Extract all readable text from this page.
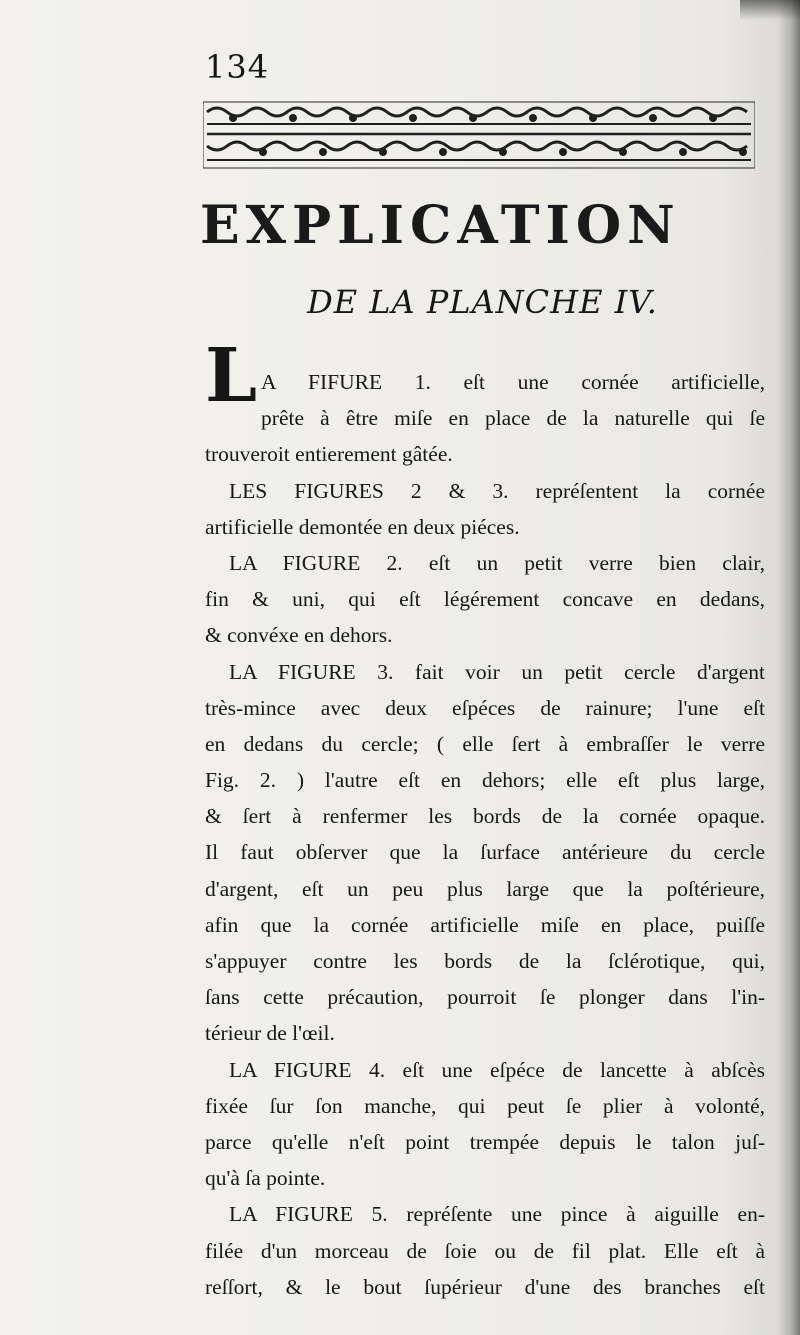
134
EXPLICATION
DE LA PLANCHE IV.
L A FIFURE 1. eſt une cornée artificielle,
prête à être miſe en place de la naturelle qui ſe
trouveroit entierement gâtée.
LES FIGURES 2 & 3. repréſentent la cornée
artificielle demontée en deux piéces.
LA FIGURE 2. eſt un petit verre bien clair,
fin & uni, qui eſt légérement concave en dedans,
& convéxe en dehors.
LA FIGURE 3. fait voir un petit cercle d'argent
très-mince avec deux eſpéces de rainure; l'une eſt
en dedans du cercle; ( elle ſert à embraſſer le verre
Fig. 2. ) l'autre eſt en dehors; elle eſt plus large,
& ſert à renfermer les bords de la cornée opaque.
Il faut obſerver que la ſurface antérieure du cercle
d'argent, eſt un peu plus large que la poſtérieure,
afin que la cornée artificielle miſe en place, puiſſe
s'appuyer contre les bords de la ſclérotique, qui,
ſans cette précaution, pourroit ſe plonger dans l'in-
térieur de l'œil.
LA FIGURE 4. eſt une eſpéce de lancette à abſcès
fixée ſur ſon manche, qui peut ſe plier à volonté,
parce qu'elle n'eſt point trempée depuis le talon juſ-
qu'à ſa pointe.
LA FIGURE 5. repréſente une pince à aiguille en-
filée d'un morceau de ſoie ou de fil plat. Elle eſt à
reſſort, & le bout ſupérieur d'une des branches eſt
